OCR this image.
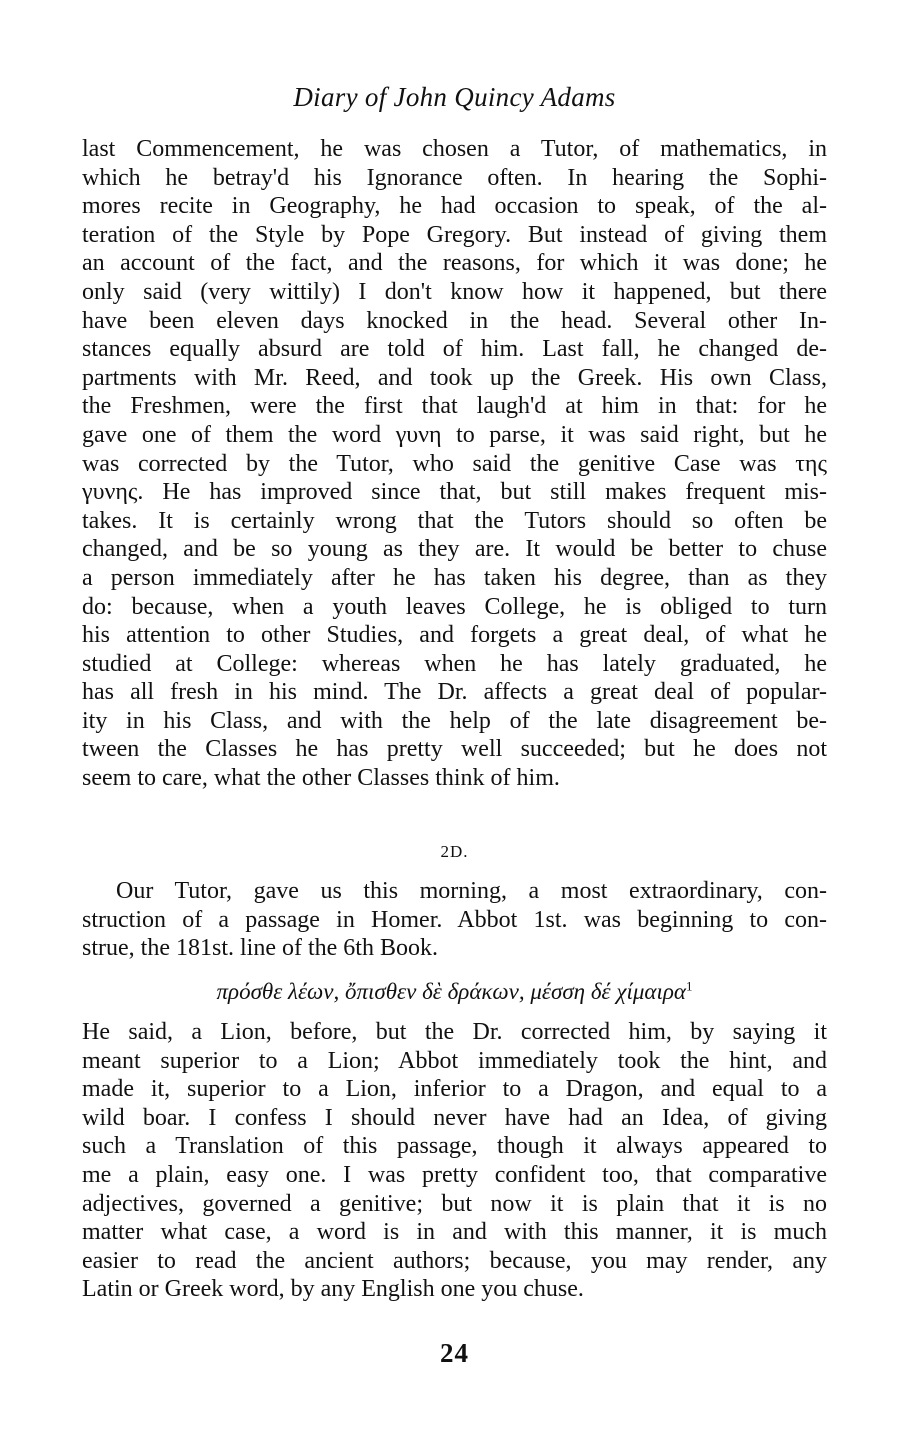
Diary of John Quincy Adams

last Commencement, he was chosen a Tutor, of mathematics, in
which he betray'd his Ignorance often. In hearing the Sophi-
mores recite in Geography, he had occasion to speak, of the al-
teration of the Style by Pope Gregory. But instead of giving them
an account of the fact, and the reasons, for which it was done; he
only said (very wittily) I don't know how it happened, but there
have been eleven days knocked in the head. Several other In-
stances equally absurd are told of him. Last fall, he changed de-
partments with Mr. Reed, and took up the Greek. His own Class,
the Freshmen, were the first that laugh'd at him in that: for he
gave one of them the word γυνη to parse, it was said right, but he
was corrected by the Tutor, who said the genitive Case was της
γυνης. He has improved since that, but still makes frequent mis-
takes. It is certainly wrong that the Tutors should so often be
changed, and be so young as they are. It would be better to chuse
a person immediately after he has taken his degree, than as they
do: because, when a youth leaves College, he is obliged to turn
his attention to other Studies, and forgets a great deal, of what he
studied at College: whereas when he has lately graduated, he
has all fresh in his mind. The Dr. affects a great deal of popular-
ity in his Class, and with the help of the late disagreement be-
tween the Classes he has pretty well succeeded; but he does not
seem to care, what the other Classes think of him.

2D.

Our Tutor, gave us this morning, a most extraordinary, con-
struction of a passage in Homer. Abbot 1st. was beginning to con-
strue, the 181st. line of the 6th Book.

πρόσθε λέων, ὄπισθεν δὲ δράκων, μέσση δέ χίμαιρα$^1$

He said, a Lion, before, but the Dr. corrected him, by saying it
meant superior to a Lion; Abbot immediately took the hint, and
made it, superior to a Lion, inferior to a Dragon, and equal to a
wild boar. I confess I should never have had an Idea, of giving
such a Translation of this passage, though it always appeared to
me a plain, easy one. I was pretty confident too, that comparative
adjectives, governed a genitive; but now it is plain that it is no
matter what case, a word is in and with this manner, it is much
easier to read the ancient authors; because, you may render, any
Latin or Greek word, by any English one you chuse.

24
